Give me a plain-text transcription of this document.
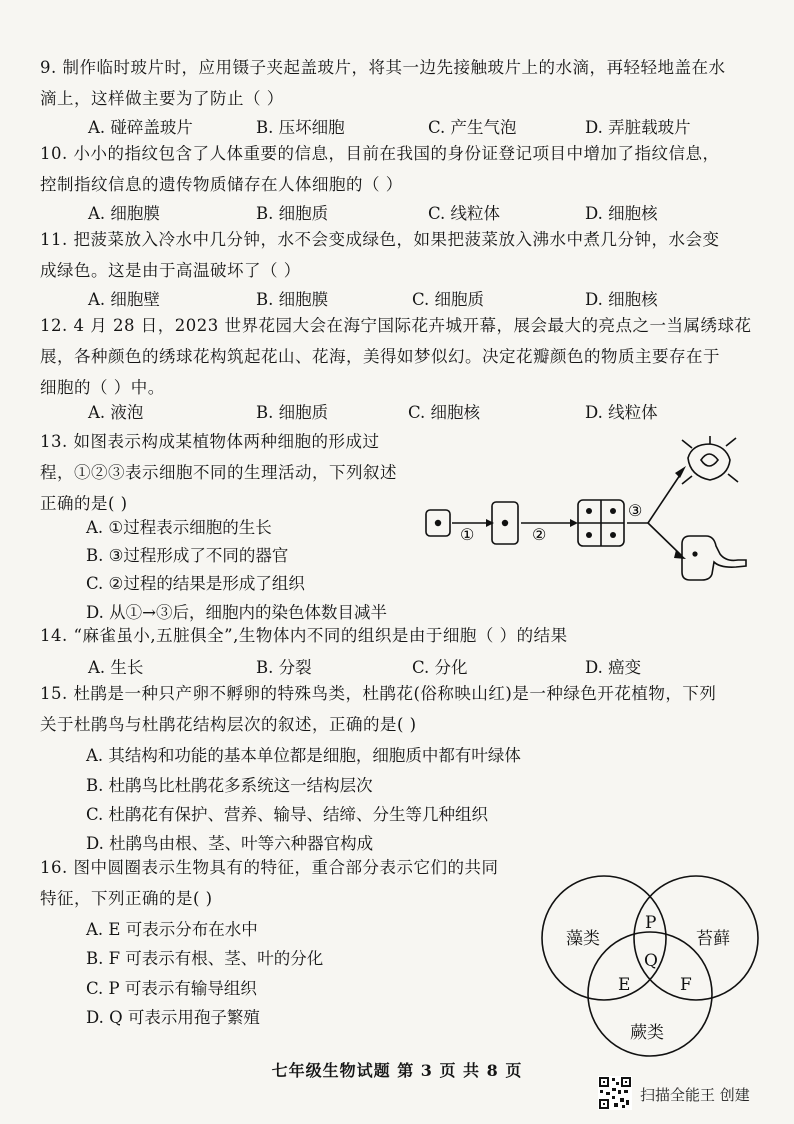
9. 制作临时玻片时，应用镊子夹起盖玻片，将其一边先接触玻片上的水滴，再轻轻地盖在水
滴上，这样做主要为了防止（ ）
A. 碰碎盖玻片	B. 压坏细胞	C. 产生气泡	D. 弄脏载玻片
10. 小小的指纹包含了人体重要的信息，目前在我国的身份证登记项目中增加了指纹信息，
控制指纹信息的遗传物质储存在人体细胞的（ ）
A. 细胞膜	B. 细胞质	C. 线粒体	D. 细胞核
11. 把菠菜放入冷水中几分钟，水不会变成绿色，如果把菠菜放入沸水中煮几分钟，水会变
成绿色。这是由于高温破坏了（ ）
A. 细胞壁	B. 细胞膜	C. 细胞质	D. 细胞核
12. 4 月 28 日，2023 世界花园大会在海宁国际花卉城开幕，展会最大的亮点之一当属绣球花
展，各种颜色的绣球花构筑起花山、花海，美得如梦似幻。决定花瓣颜色的物质主要存在于
细胞的（ ）中。
A. 液泡	B. 细胞质	C. 细胞核	D. 线粒体
13. 如图表示构成某植物体两种细胞的形成过
程，①②③表示细胞不同的生理活动，下列叙述
正确的是( )
A. ①过程表示细胞的生长
B. ③过程形成了不同的器官
C. ②过程的结果是形成了组织
D. 从①→③后，细胞内的染色体数目减半
①	②
③
14. “麻雀虽小,五脏俱全”,生物体内不同的组织是由于细胞（ ）的结果
A. 生长	B. 分裂	C. 分化	D. 癌变
15. 杜鹃是一种只产卵不孵卵的特殊鸟类，杜鹃花(俗称映山红)是一种绿色开花植物，下列
关于杜鹃鸟与杜鹃花结构层次的叙述，正确的是( )
A. 其结构和功能的基本单位都是细胞，细胞质中都有叶绿体
B. 杜鹃鸟比杜鹃花多系统这一结构层次
C. 杜鹃花有保护、营养、输导、结缔、分生等几种组织
D. 杜鹃鸟由根、茎、叶等六种器官构成
16. 图中圆圈表示生物具有的特征，重合部分表示它们的共同
特征，下列正确的是( )
A. E 可表示分布在水中
B. F 可表示有根、茎、叶的分化
C. P 可表示有输导组织
D. Q 可表示用孢子繁殖
藻类	苔藓
蕨类
P
Q
E	F
七年级生物试题 第 3 页 共 8 页
扫描全能王 创建
